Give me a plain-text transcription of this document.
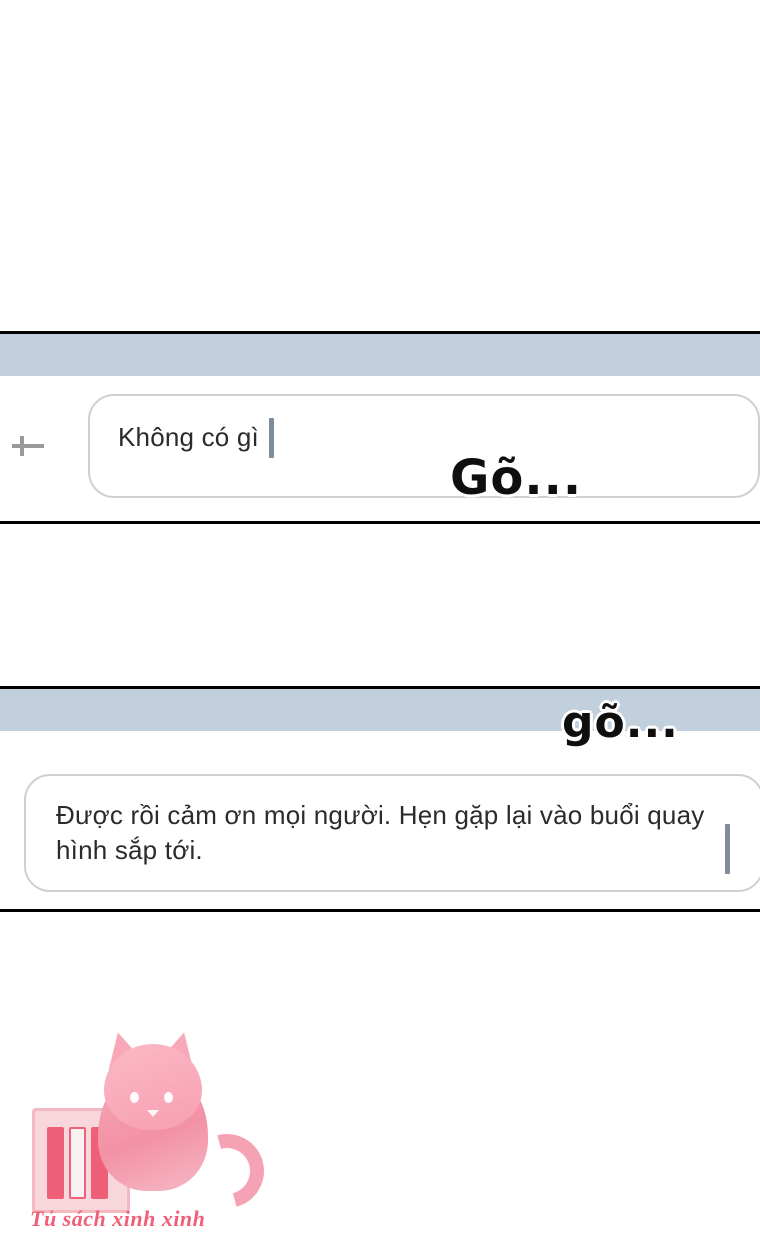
Không có gì
Gõ...
gõ...
Được rồi cảm ơn mọi người. Hẹn gặp lại vào buổi quay hình sắp tới.
Tủ sách xinh xinh
